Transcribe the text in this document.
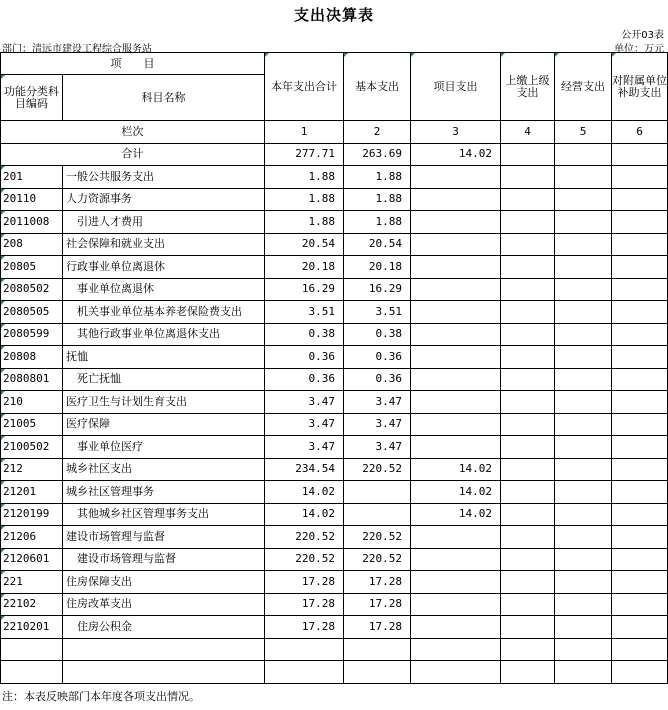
支出决算表
公开03表
部门：清远市建设工程综合服务站	单位：万元
项　　目		本年支出合计	基本支出	项目支出	上缴上级支出	经营支出	对附属单位补助支出
功能分类科目编码	科目名称						
栏次		1	2	3	4	5	6
合计		277.71	263.69	14.02			
201	一般公共服务支出	1.88	1.88				
20110	人力资源事务	1.88	1.88				
2011008	引进人才费用	1.88	1.88				
208	社会保障和就业支出	20.54	20.54				
20805	行政事业单位离退休	20.18	20.18				
2080502	事业单位离退休	16.29	16.29				
2080505	机关事业单位基本养老保险费支出	3.51	3.51				
2080599	其他行政事业单位离退休支出	0.38	0.38				
20808	抚恤	0.36	0.36				
2080801	死亡抚恤	0.36	0.36				
210	医疗卫生与计划生育支出	3.47	3.47				
21005	医疗保障	3.47	3.47				
2100502	事业单位医疗	3.47	3.47				
212	城乡社区支出	234.54	220.52	14.02			
21201	城乡社区管理事务	14.02		14.02			
2120199	其他城乡社区管理事务支出	14.02		14.02			
21206	建设市场管理与监督	220.52	220.52				
2120601	建设市场管理与监督	220.52	220.52				
221	住房保障支出	17.28	17.28				
22102	住房改革支出	17.28	17.28				
2210201	住房公积金	17.28	17.28				

注：本表反映部门本年度各项支出情况。
